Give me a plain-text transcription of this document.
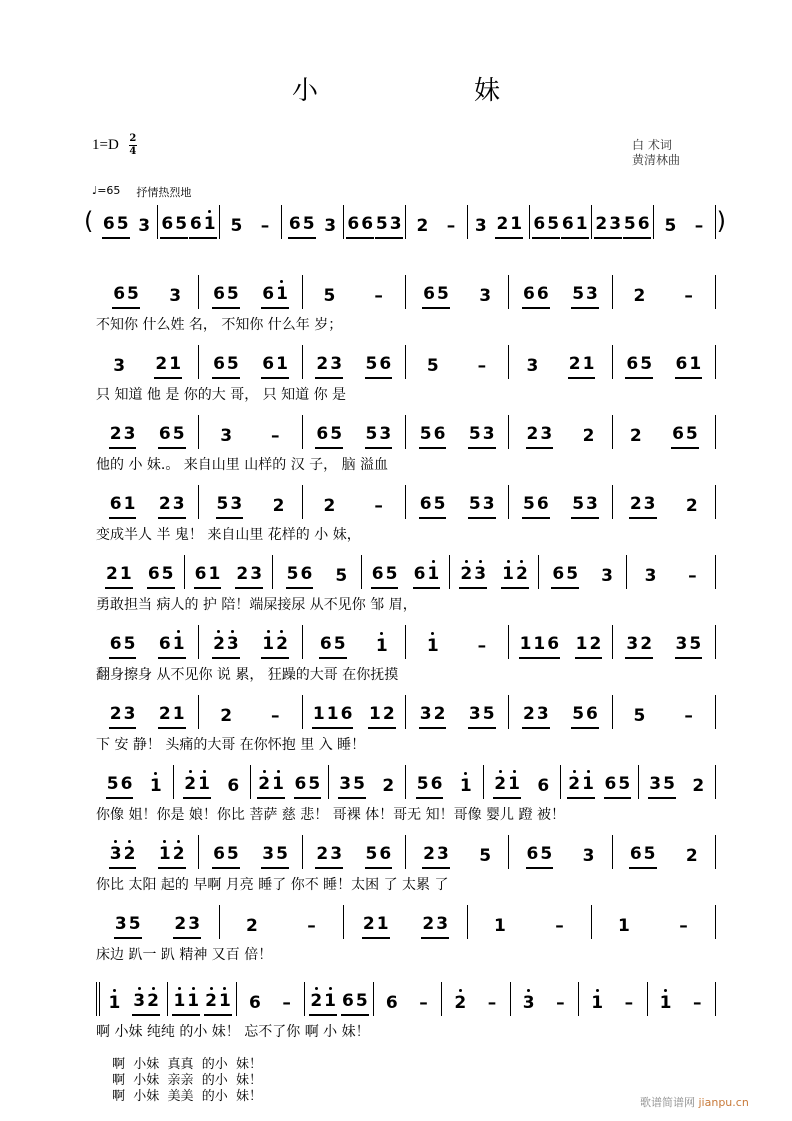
小	妹
$1=D \frac{2}{4}$	白 术词
黄清林曲
♩=65 抒情热烈地
6 5 3 6 5 6 1 5 – 6 5 3 6 6 5 3 2 – 3 2 1 6 5 6 1 2 3 5 6 5 –
(	)
6 5 3 6 5 6 1 5 – 6 5 3 6 6 5 3 2 –
不知你 什么姓 名， 不知你 什么年 岁；
3 2 1 6 5 6 1 2 3 5 6 5 – 3 2 1 6 5 6 1
只 知道 他 是 你的大 哥， 只 知道 你 是
2 3 6 5 3 – 6 5 5 3 5 6 5 3 2 3 2 2 6 5
他的 小 妹.。 来自山里 山样的 汉 子， 脑 溢血
6 1 2 3 5 3 2 2 – 6 5 5 3 5 6 5 3 2 3 2
变成半人 半 鬼！ 来自山里 花样的 小 妹，
2 1 6 5 6 1 2 3 5 6 5 6 5 6 1 2 3 1 2 6 5 3 3 –
勇敢担当 病人的 护 陪！端屎接尿 从不见你 邹 眉，
6 5 6 1 2 3 1 2 6 5 1 1 – 1 1 6 1 2 3 2 3 5
翻身擦身 从不见你 说 累， 狂躁的大哥 在你抚摸
2 3 2 1 2 – 1 1 6 1 2 3 2 3 5 2 3 5 6 5 –
下 安 静！ 头痛的大哥 在你怀抱 里 入 睡！
5 6 1 2 1 6 2 1 6 5 3 5 2 5 6 1 2 1 6 2 1 6 5 3 5 2
你像 姐！你是 娘！你比 菩萨 慈 悲！ 哥裸 体！哥无 知！哥像 婴儿 蹬 被！
3 2 1 2 6 5 3 5 2 3 5 6 2 3 5 6 5 3 6 5 2
你比 太阳 起的 早啊 月亮 睡了 你不 睡！太困 了 太累 了
3 5 2 3	2	–	2 1 2 3	1	–	1	–
床边 趴一 趴 精神 又百 倍！
1 3 2 1 1 2 1 6 – 2 1 6 5 6 – 2 – 3 – 1 – 1 –
啊 小妹 纯纯 的小 妹！ 忘不了你 啊 小 妹！
啊  小妹  真真  的小  妹！
啊  小妹  亲亲  的小  妹！
啊  小妹  美美  的小  妹！	歌谱简谱网 jianpu.cn
